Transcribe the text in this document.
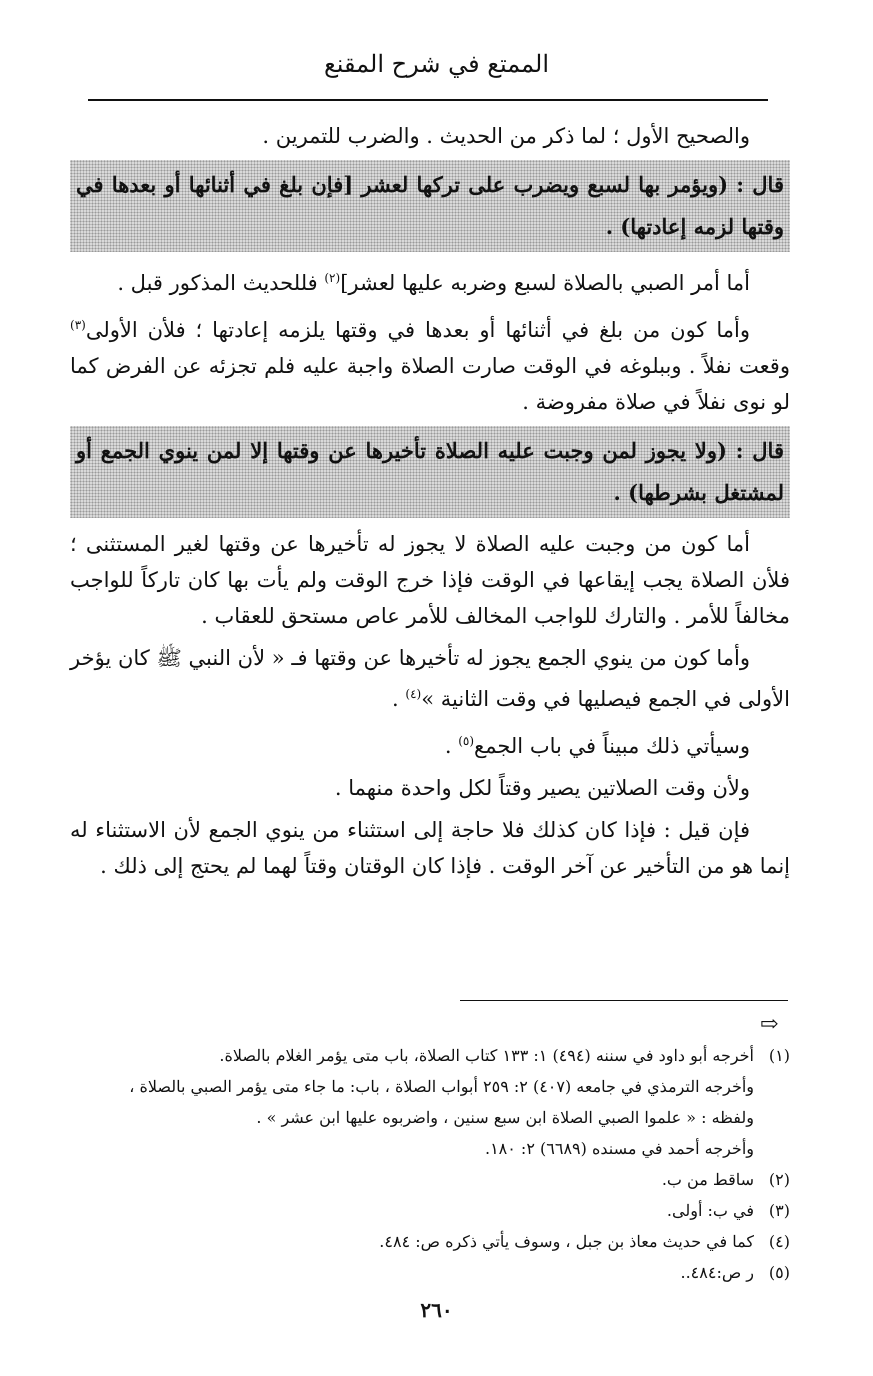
الممتع في شرح المقنع

والصحيح الأول ؛ لما ذكر من الحديث . والضرب للتمرين .

قال : (ويؤمر بها لسبع ويضرب على تركها لعشر [فإن بلغ في أثنائها أو بعدها في وقتها لزمه إعادتها) .

أما أمر الصبي بالصلاة لسبع وضربه عليها لعشر]$^{(٢)}$ فللحديث المذكور قبل .

وأما كون من بلغ في أثنائها أو بعدها في وقتها يلزمه إعادتها ؛ فلأن الأولى$^{(٣)}$ وقعت نفلاً . وببلوغه في الوقت صارت الصلاة واجبة عليه فلم تجزئه عن الفرض كما لو نوى نفلاً في صلاة مفروضة .

قال : (ولا يجوز لمن وجبت عليه الصلاة تأخيرها عن وقتها إلا لمن ينوي الجمع أو لمشتغل بشرطها) .

أما كون من وجبت عليه الصلاة لا يجوز له تأخيرها عن وقتها لغير المستثنى ؛ فلأن الصلاة يجب إيقاعها في الوقت فإذا خرج الوقت ولم يأت بها كان تاركاً للواجب مخالفاً للأمر . والتارك للواجب المخالف للأمر عاص مستحق للعقاب .

وأما كون من ينوي الجمع يجوز له تأخيرها عن وقتها فـ « لأن النبي ﷺ كان يؤخر الأولى في الجمع فيصليها في وقت الثانية »$^{(٤)}$ .

وسيأتي ذلك مبيناً في باب الجمع$^{(٥)}$ .

ولأن وقت الصلاتين يصير وقتاً لكل واحدة منهما .

فإن قيل : فإذا كان كذلك فلا حاجة إلى استثناء من ينوي الجمع لأن الاستثناء له إنما هو من التأخير عن آخر الوقت . فإذا كان الوقتان وقتاً لهما لم يحتج إلى ذلك .

⇨

(١)أخرجه أبو داود في سننه (٤٩٤) ١: ١٣٣ كتاب الصلاة، باب متى يؤمر الغلام بالصلاة.

وأخرجه الترمذي في جامعه (٤٠٧) ٢: ٢٥٩ أبواب الصلاة ، باب: ما جاء متى يؤمر الصبي بالصلاة ،

ولفظه : « علموا الصبي الصلاة ابن سبع سنين ، واضربوه عليها ابن عشر » .

وأخرجه أحمد في مسنده (٦٦٨٩) ٢: ١٨٠.

(٢)ساقط من ب.

(٣)في ب: أولى.

(٤)كما في حديث معاذ بن جبل ، وسوف يأتي ذكره ص: ٤٨٤.

(٥)ر ص:٤٨٤..

٢٦٠
